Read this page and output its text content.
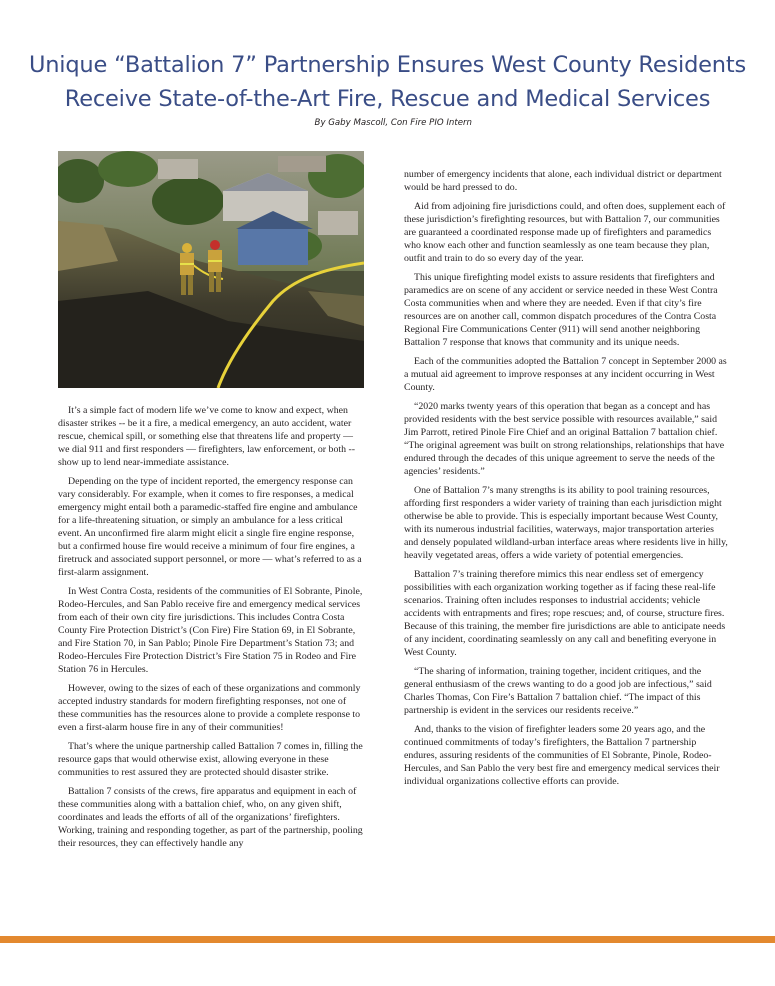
Unique “Battalion 7” Partnership Ensures West County Residents
Receive State-of-the-Art Fire, Rescue and Medical Services
By Gaby Mascoll, Con Fire PIO Intern

It’s a simple fact of modern life we’ve come to know and expect, when disaster strikes -- be it a fire, a medical emergency, an auto accident, water rescue, chemical spill, or something else that threatens life and property — we dial 911 and first responders — firefighters, law enforcement, or both -- show up to lend near-immediate assistance.

Depending on the type of incident reported, the emergency response can vary considerably. For example, when it comes to fire responses, a medical emergency might entail both a paramedic-staffed fire engine and ambulance for a life-threatening situation, or simply an ambulance for a less critical event. An unconfirmed fire alarm might elicit a single fire engine response, but a confirmed house fire would receive a minimum of four fire engines, a firetruck and associated support personnel, or more — what’s referred to as a first-alarm assignment.

In West Contra Costa, residents of the communities of El Sobrante, Pinole, Rodeo-Hercules, and San Pablo receive fire and emergency medical services from each of their own city fire jurisdictions. This includes Contra Costa County Fire Protection District’s (Con Fire) Fire Station 69, in El Sobrante, and Fire Station 70, in San Pablo; Pinole Fire Department’s Station 73; and Rodeo-Hercules Fire Protection District’s Fire Station 75 in Rodeo and Fire Station 76 in Hercules.

However, owing to the sizes of each of these organizations and commonly accepted industry standards for modern firefighting responses, not one of these communities has the resources alone to provide a complete response to even a first-alarm house fire in any of their communities!

That’s where the unique partnership called Battalion 7 comes in, filling the resource gaps that would otherwise exist, allowing everyone in these communities to rest assured they are protected should disaster strike.

Battalion 7 consists of the crews, fire apparatus and equipment in each of these communities along with a battalion chief, who, on any given shift, coordinates and leads the efforts of all of the organizations’ firefighters. Working, training and responding together, as part of the partnership, pooling their resources, they can effectively handle any

number of emergency incidents that alone, each individual district or department would be hard pressed to do.

Aid from adjoining fire jurisdictions could, and often does, supplement each of these jurisdiction’s firefighting resources, but with Battalion 7, our communities are guaranteed a coordinated response made up of firefighters and paramedics who know each other and function seamlessly as one team because they plan, outfit and train to do so every day of the year.

This unique firefighting model exists to assure residents that firefighters and paramedics are on scene of any accident or service needed in these West Contra Costa communities when and where they are needed. Even if that city’s fire resources are on another call, common dispatch procedures of the Contra Costa Regional Fire Communications Center (911) will send another neighboring Battalion 7 response that knows that community and its unique needs.

Each of the communities adopted the Battalion 7 concept in September 2000 as a mutual aid agreement to improve responses at any incident occurring in West County.

“2020 marks twenty years of this operation that began as a concept and has provided residents with the best service possible with resources available,” said Jim Parrott, retired Pinole Fire Chief and an original Battalion 7 battalion chief. “The original agreement was built on strong relationships, relationships that have endured through the decades of this unique agreement to serve the needs of the agencies’ residents.”

One of Battalion 7’s many strengths is its ability to pool training resources, affording first responders a wider variety of training than each jurisdiction might otherwise be able to provide. This is especially important because West County, with its numerous industrial facilities, waterways, major transportation arteries and densely populated wildland-urban interface areas where residents live in hilly, heavily vegetated areas, offers a wide variety of potential emergencies.

Battalion 7’s training therefore mimics this near endless set of emergency possibilities with each organization working together as if facing these real-life scenarios. Training often includes responses to industrial accidents; vehicle accidents with entrapments and fires; rope rescues; and, of course, structure fires. Because of this training, the member fire jurisdictions are able to anticipate needs of any incident, coordinating seamlessly on any call and benefiting everyone in West County.

“The sharing of information, training together, incident critiques, and the general enthusiasm of the crews wanting to do a good job are infectious,” said Charles Thomas, Con Fire’s Battalion 7 battalion chief. “The impact of this partnership is evident in the services our residents receive.”

And, thanks to the vision of firefighter leaders some 20 years ago, and the continued commitments of today’s firefighters, the Battalion 7 partnership endures, assuring residents of the communities of El Sobrante, Pinole, Rodeo-Hercules, and San Pablo the very best fire and emergency medical services their individual organizations collective efforts can provide.
